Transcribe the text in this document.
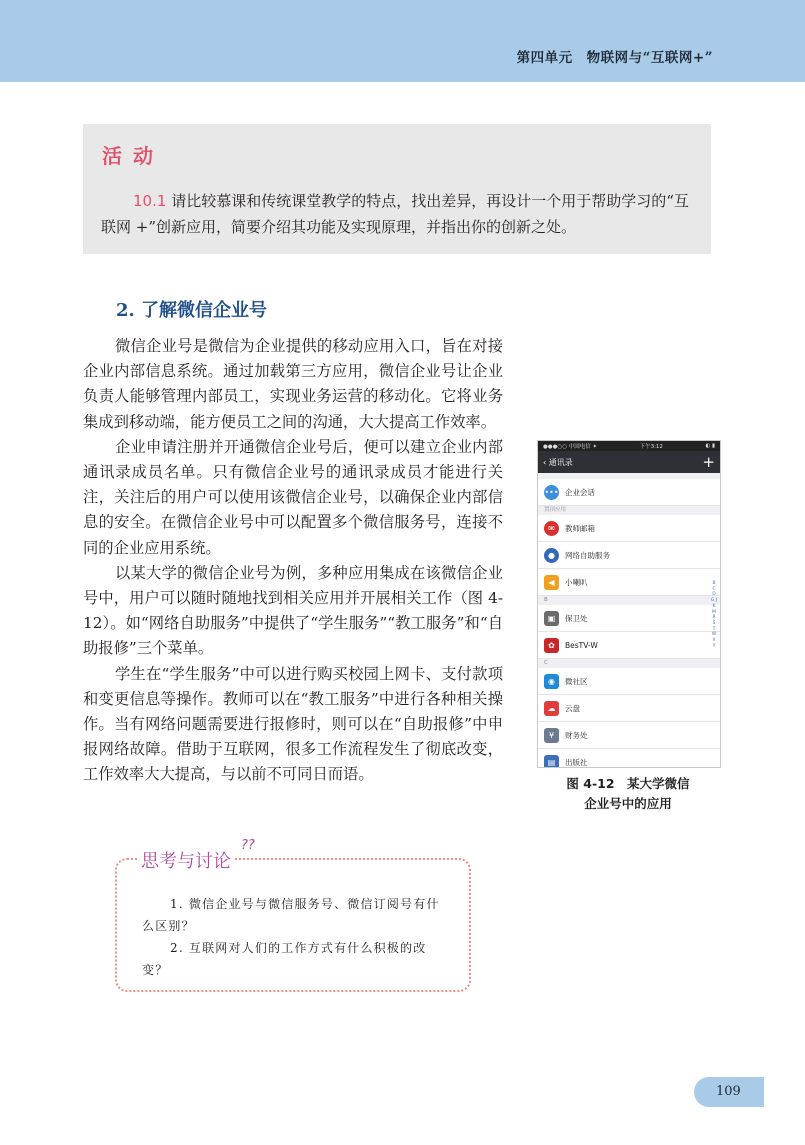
第四单元　物联网与“互联网+”
活动
10.1 请比较慕课和传统课堂教学的特点，找出差异，再设计一个用于帮助学习的“互联网 +”创新应用，简要介绍其功能及实现原理，并指出你的创新之处。
2. 了解微信企业号

微信企业号是微信为企业提供的移动应用入口，旨在对接企业内部信息系统。通过加载第三方应用，微信企业号让企业负责人能够管理内部员工，实现业务运营的移动化。它将业务集成到移动端，能方便员工之间的沟通，大大提高工作效率。

企业申请注册并开通微信企业号后，便可以建立企业内部通讯录成员名单。只有微信企业号的通讯录成员才能进行关注，关注后的用户可以使用该微信企业号，以确保企业内部信息的安全。在微信企业号中可以配置多个微信服务号，连接不同的企业应用系统。

以某大学的微信企业号为例，多种应用集成在该微信企业号中，用户可以随时随地找到相关应用并开展相关工作（图 4-12）。如“网络自助服务”中提供了“学生服务”“教工服务”和“自助报修”三个菜单。

学生在“学生服务”中可以进行购买校园上网卡、支付款项和变更信息等操作。教师可以在“教工服务”中进行各种相关操作。当有网络问题需要进行报修时，则可以在“自助报修”中申报网络故障。借助于互联网，很多工作流程发生了彻底改变，工作效率大大提高，与以前不可同日而语。

●●●○○ 中国电信 ✦	下午3:12	◐ ▮
‹ 通讯录	+
••• 企业会话
置顶应用
✉	教师邮箱
●	网络自助服务
◀	小喇叭
B
▣	保卫处
✿	BesTV-W
C
◉	微社区
☁	云盘
¥	财务处
▤	出版社
B C D G J K M R S T W X Y
图 4-12　某大学微信
企业号中的应用
思考与讨论
??

1. 微信企业号与微信服务号、微信订阅号有什么区别？

2. 互联网对人们的工作方式有什么积极的改变？

109
